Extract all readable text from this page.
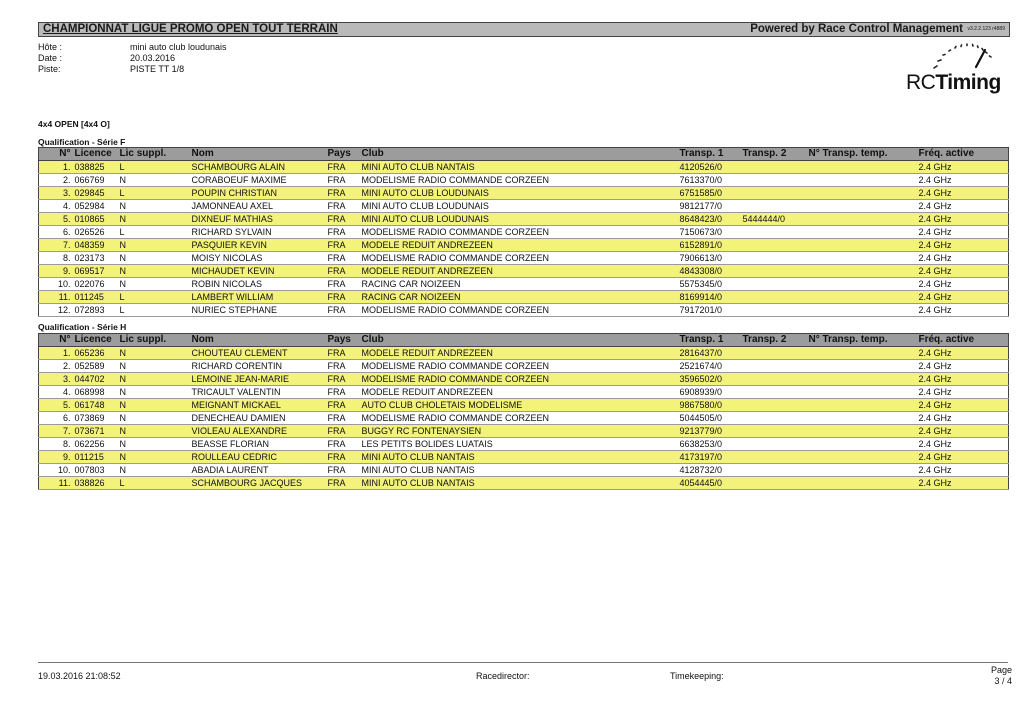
CHAMPIONNAT LIGUE PROMO OPEN TOUT TERRAIN	Powered by Race Control Management v3.2.2.123 r4889
Hôte :	mini auto club loudunais
Date :	20.03.2016
Piste:	PISTE TT 1/8
RCTiming
4x4 OPEN [4x4 O]
Qualification - Série F
N°	Licence	Lic suppl.	Nom	Pays	Club	Transp. 1	Transp. 2	N° Transp. temp.	Fréq. active
1.	038825	L	SCHAMBOURG ALAIN	FRA	MINI AUTO CLUB NANTAIS	4120526/0			2.4 GHz
2.	066769	N	CORABOEUF MAXIME	FRA	MODELISME RADIO COMMANDE CORZEEN	7613370/0			2.4 GHz
3.	029845	L	POUPIN CHRISTIAN	FRA	MINI AUTO CLUB LOUDUNAIS	6751585/0			2.4 GHz
4.	052984	N	JAMONNEAU AXEL	FRA	MINI AUTO CLUB LOUDUNAIS	9812177/0			2.4 GHz
5.	010865	N	DIXNEUF MATHIAS	FRA	MINI AUTO CLUB LOUDUNAIS	8648423/0	5444444/0		2.4 GHz
6.	026526	L	RICHARD SYLVAIN	FRA	MODELISME RADIO COMMANDE CORZEEN	7150673/0			2.4 GHz
7.	048359	N	PASQUIER KEVIN	FRA	MODELE REDUIT ANDREZEEN	6152891/0			2.4 GHz
8.	023173	N	MOISY NICOLAS	FRA	MODELISME RADIO COMMANDE CORZEEN	7906613/0			2.4 GHz
9.	069517	N	MICHAUDET KEVIN	FRA	MODELE REDUIT ANDREZEEN	4843308/0			2.4 GHz
10.	022076	N	ROBIN NICOLAS	FRA	RACING CAR NOIZEEN	5575345/0			2.4 GHz
11.	011245	L	LAMBERT WILLIAM	FRA	RACING CAR NOIZEEN	8169914/0			2.4 GHz
12.	072893	L	NURIEC STEPHANE	FRA	MODELISME RADIO COMMANDE CORZEEN	7917201/0			2.4 GHz
Qualification - Série H
N°	Licence	Lic suppl.	Nom	Pays	Club	Transp. 1	Transp. 2	N° Transp. temp.	Fréq. active
1.	065236	N	CHOUTEAU CLEMENT	FRA	MODELE REDUIT ANDREZEEN	2816437/0			2.4 GHz
2.	052589	N	RICHARD CORENTIN	FRA	MODELISME RADIO COMMANDE CORZEEN	2521674/0			2.4 GHz
3.	044702	N	LEMOINE JEAN-MARIE	FRA	MODELISME RADIO COMMANDE CORZEEN	3596502/0			2.4 GHz
4.	068998	N	TRICAULT VALENTIN	FRA	MODELE REDUIT ANDREZEEN	6908939/0			2.4 GHz
5.	061748	N	MEIGNANT MICKAEL	FRA	AUTO CLUB CHOLETAIS MODELISME	9867580/0			2.4 GHz
6.	073869	N	DENECHEAU DAMIEN	FRA	MODELISME RADIO COMMANDE CORZEEN	5044505/0			2.4 GHz
7.	073671	N	VIOLEAU ALEXANDRE	FRA	BUGGY RC FONTENAYSIEN	9213779/0			2.4 GHz
8.	062256	N	BEASSE FLORIAN	FRA	LES PETITS BOLIDES LUATAIS	6638253/0			2.4 GHz
9.	011215	N	ROULLEAU CEDRIC	FRA	MINI AUTO CLUB NANTAIS	4173197/0			2.4 GHz
10.	007803	N	ABADIA LAURENT	FRA	MINI AUTO CLUB NANTAIS	4128732/0			2.4 GHz
11.	038826	L	SCHAMBOURG JACQUES	FRA	MINI AUTO CLUB NANTAIS	4054445/0			2.4 GHz
19.03.2016 21:08:52	Racedirector:	Timekeeping:
Page
3 / 4
